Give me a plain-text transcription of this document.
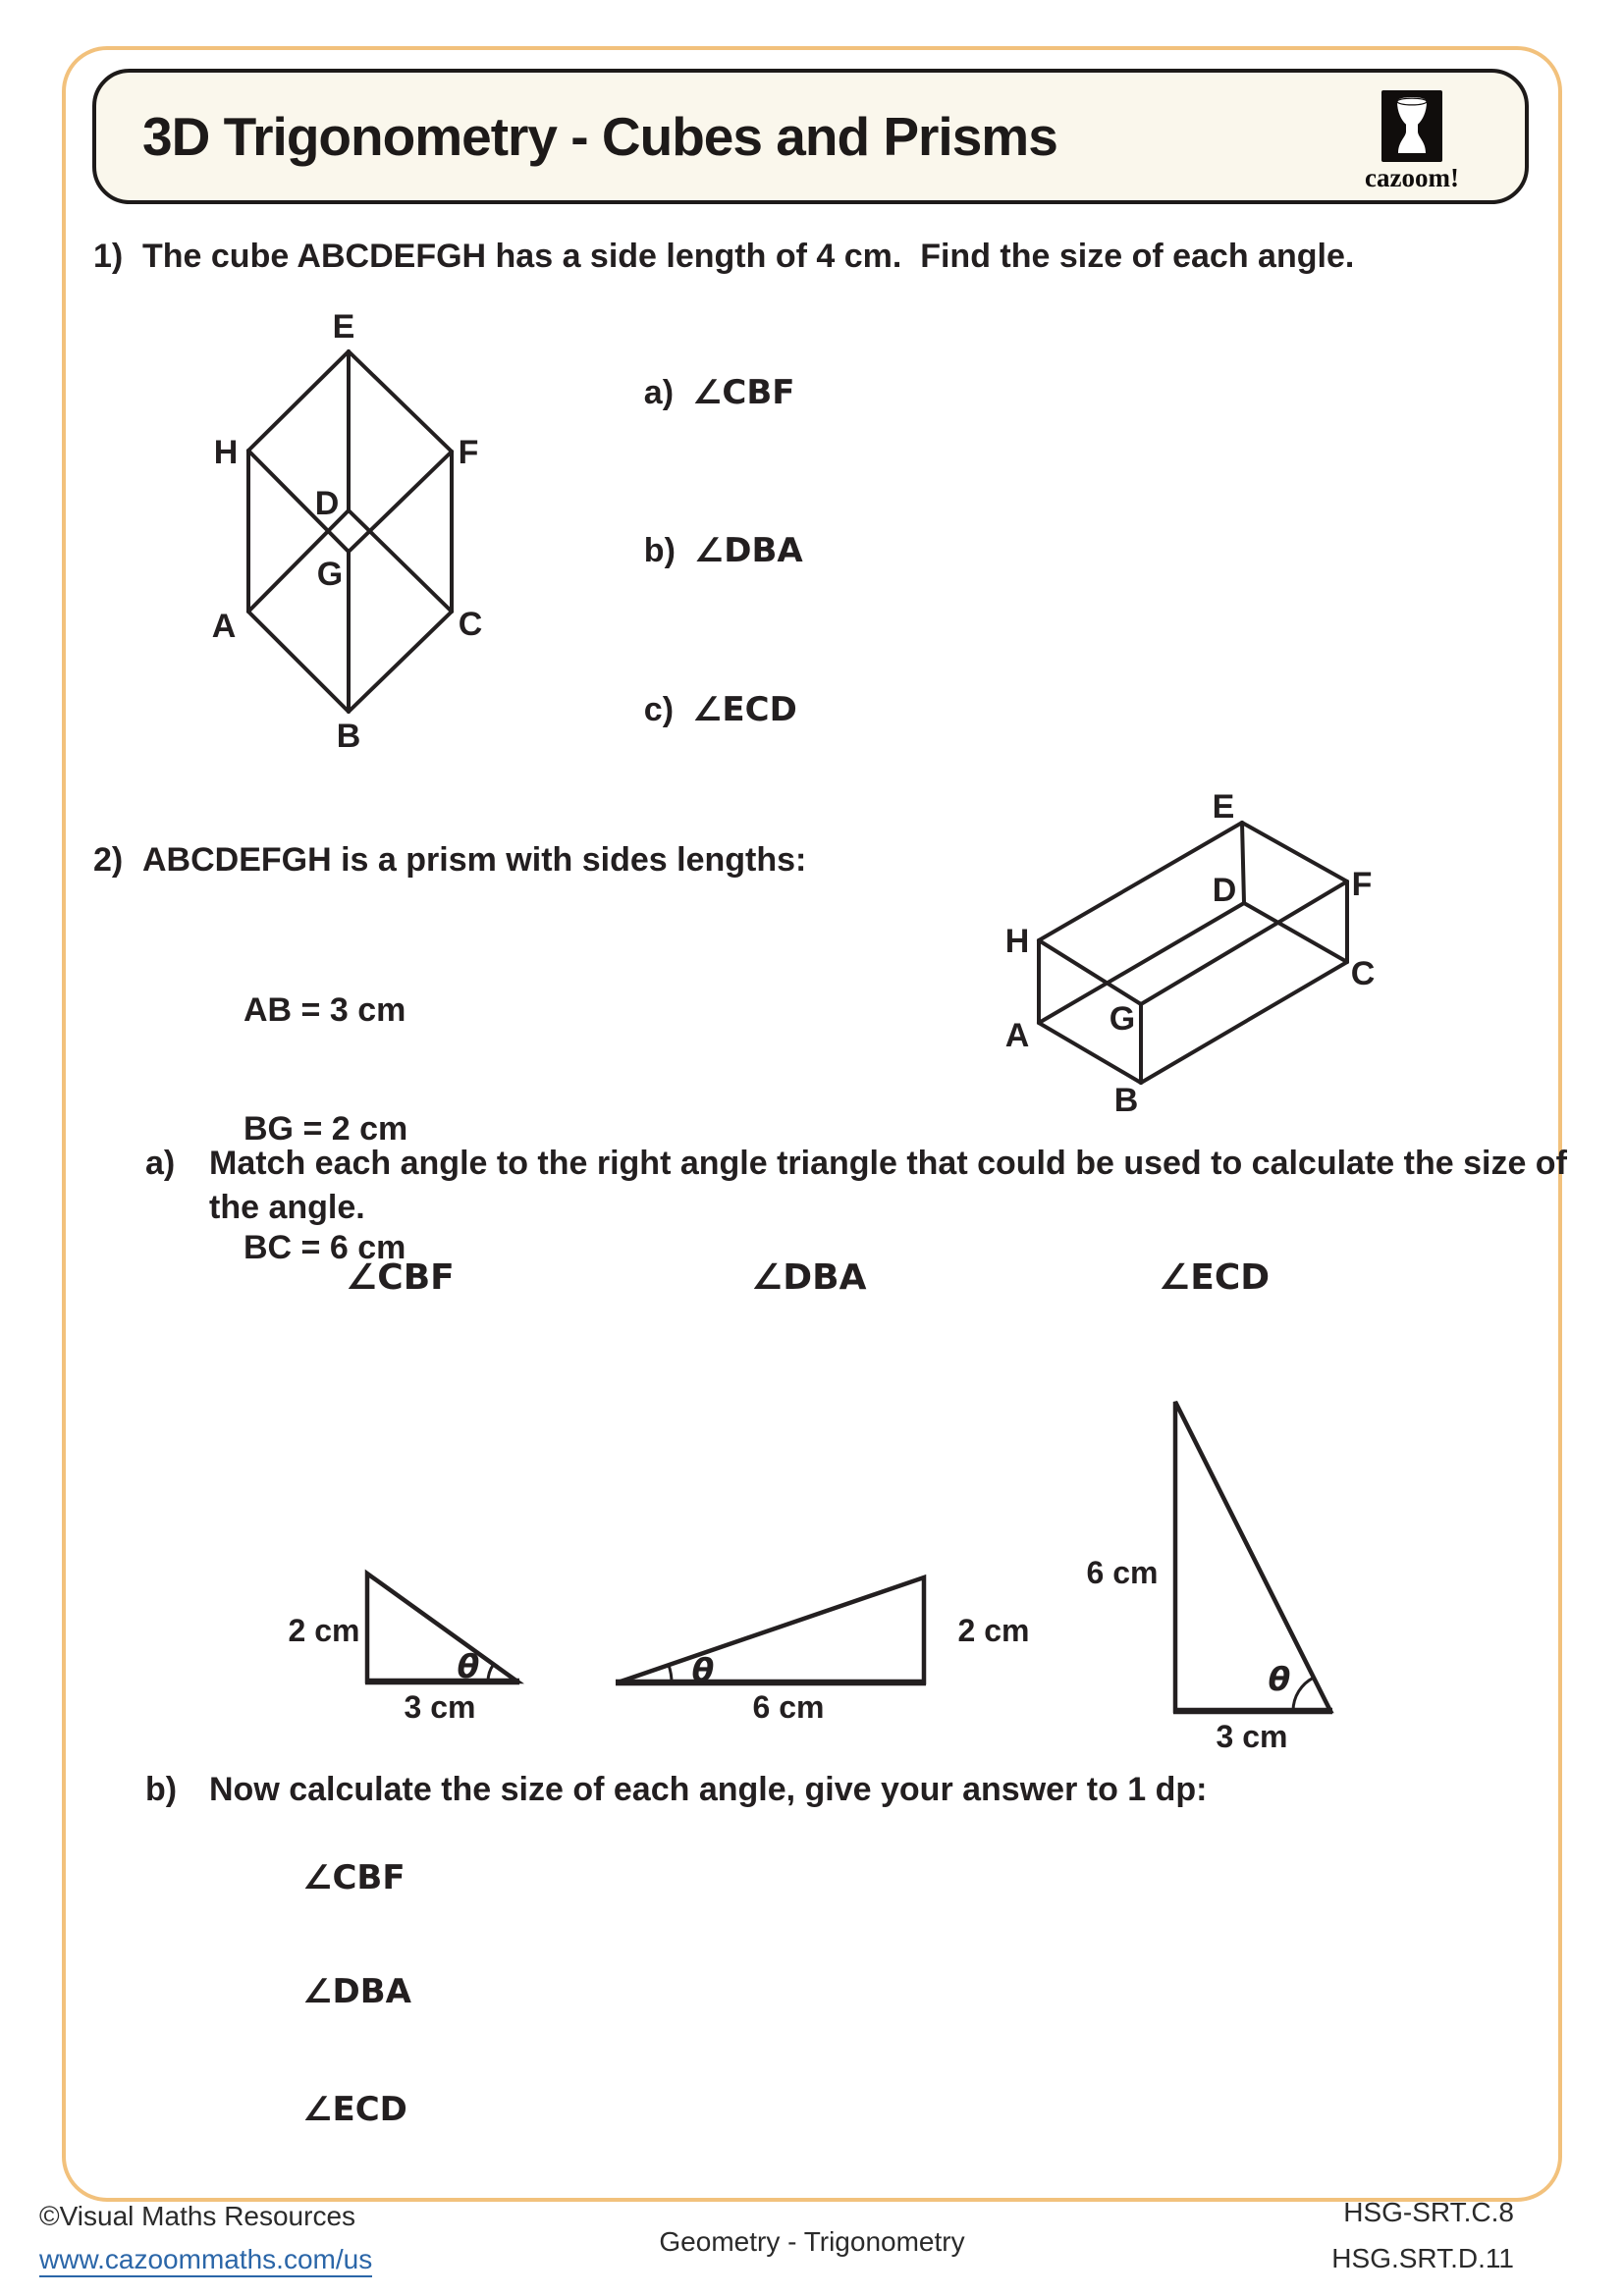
3D Trigonometry - Cubes and Prisms
cazoom!
1) The cube ABCDEFGH has a side length of 4 cm.  Find the size of each angle.
E
H	F
D
G
A	C
B

a) ∠CBF

b) ∠DBA

c) ∠ECD

2) ABCDEFGH is a prism with sides lengths:

AB = 3 cm

BG = 2 cm

BC = 6 cm

E
F
H
D
C
A G
B
a) Match each angle to the right angle triangle that could be used to calculate the size of
the angle.
∠CBF	∠DBA	∠ECD
2 cm
3 cm
θ
2 cm
6 cm
θ
6 cm
3 cm
θ
b) Now calculate the size of each angle, give your answer to 1 dp:
∠CBF
∠DBA
∠ECD
©Visual Maths Resources
www.cazoommaths.com/us
Geometry - Trigonometry
HSG-SRT.C.8
HSG.SRT.D.11
